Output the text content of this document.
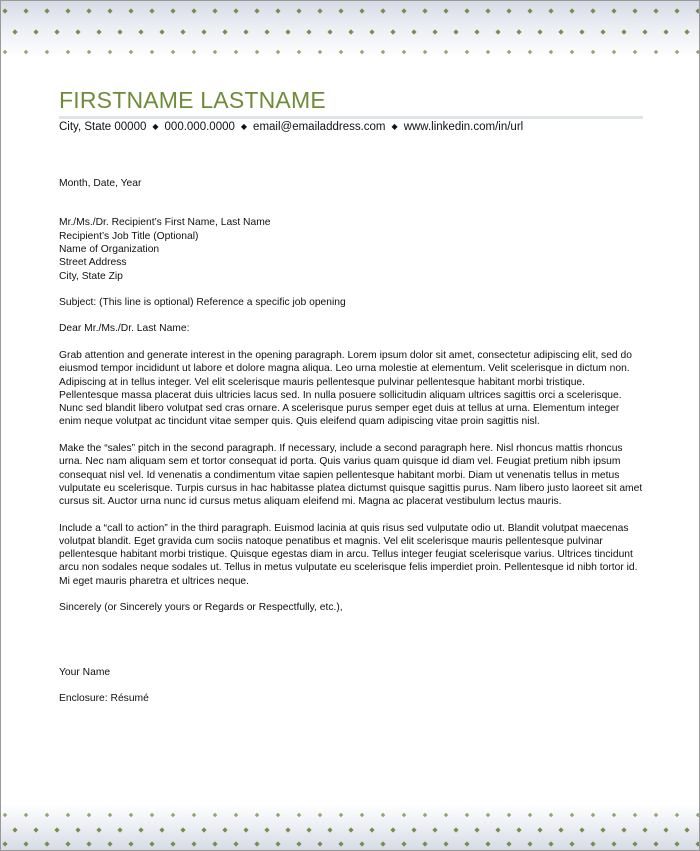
FIRSTNAME LASTNAME
City, State 00000 ◆ 000.000.0000 ◆ email@emailaddress.com ◆ www.linkedin.com/in/url

Month, Date, Year

Mr./Ms./Dr. Recipient’s First Name, Last Name
Recipient’s Job Title (Optional)
Name of Organization
Street Address
City, State Zip

Subject: (This line is optional) Reference a specific job opening

Dear Mr./Ms./Dr. Last Name:

Grab attention and generate interest in the opening paragraph. Lorem ipsum dolor sit amet, consectetur adipiscing elit, sed do eiusmod tempor incididunt ut labore et dolore magna aliqua. Leo urna molestie at elementum. Velit scelerisque in dictum non. Adipiscing at in tellus integer. Vel elit scelerisque mauris pellentesque pulvinar pellentesque habitant morbi tristique. Pellentesque massa placerat duis ultricies lacus sed. In nulla posuere sollicitudin aliquam ultrices sagittis orci a scelerisque. Nunc sed blandit libero volutpat sed cras ornare. A scelerisque purus semper eget duis at tellus at urna. Elementum integer enim neque volutpat ac tincidunt vitae semper quis. Quis eleifend quam adipiscing vitae proin sagittis nisl.

Make the “sales” pitch in the second paragraph. If necessary, include a second paragraph here. Nisl rhoncus mattis rhoncus urna. Nec nam aliquam sem et tortor consequat id porta. Quis varius quam quisque id diam vel. Feugiat pretium nibh ipsum consequat nisl vel. Id venenatis a condimentum vitae sapien pellentesque habitant morbi. Diam ut venenatis tellus in metus vulputate eu scelerisque. Turpis cursus in hac habitasse platea dictumst quisque sagittis purus. Nam libero justo laoreet sit amet cursus sit. Auctor urna nunc id cursus metus aliquam eleifend mi. Magna ac placerat vestibulum lectus mauris.

Include a “call to action” in the third paragraph. Euismod lacinia at quis risus sed vulputate odio ut. Blandit volutpat maecenas volutpat blandit. Eget gravida cum sociis natoque penatibus et magnis. Vel elit scelerisque mauris pellentesque pulvinar pellentesque habitant morbi tristique. Quisque egestas diam in arcu. Tellus integer feugiat scelerisque varius. Ultrices tincidunt arcu non sodales neque sodales ut. Tellus in metus vulputate eu scelerisque felis imperdiet proin. Pellentesque id nibh tortor id. Mi eget mauris pharetra et ultrices neque.

Sincerely (or Sincerely yours or Regards or Respectfully, etc.),

Your Name

Enclosure: Résumé
